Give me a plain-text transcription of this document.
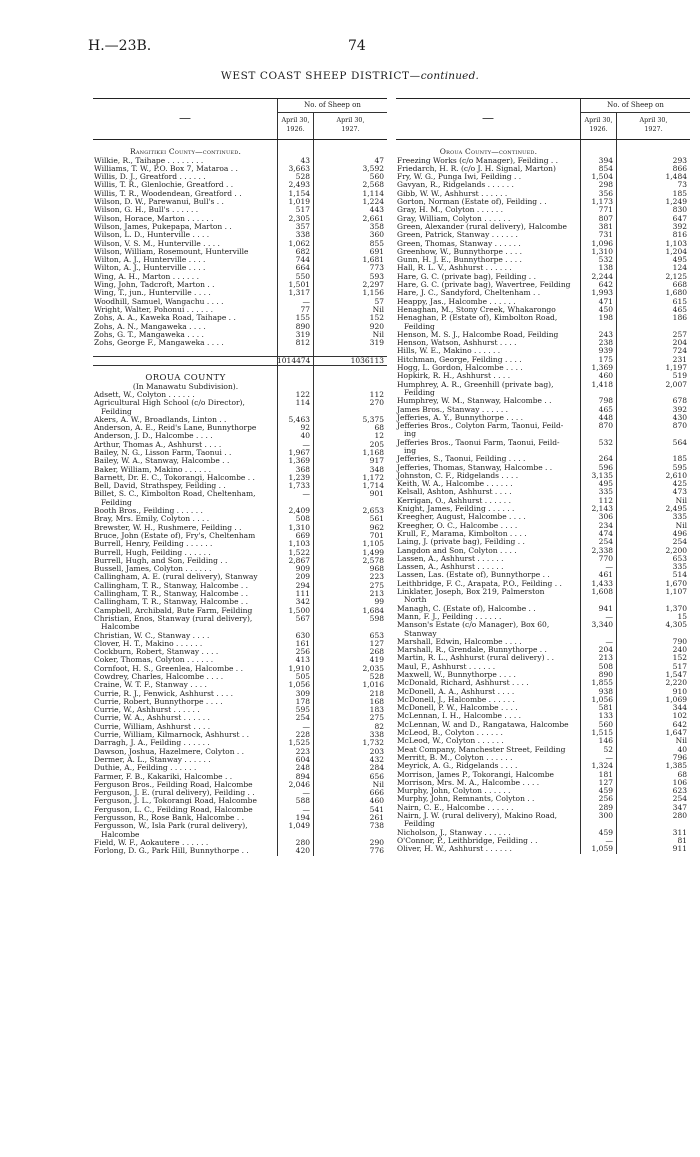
H.—23B.	74
WEST COAST SHEEP DISTRICT—continued.
—
No. of Sheep on
April 30,
1926.
April 30,
1927.
Rangitikei County—continued.
Wilkie, R., Taihape . . . . . . . .	43	47
Williams, T. W., P.O. Box 7, Mataroa . .	3,663	3,592
Willis, D. J., Greatford . . . . . .	528	560
Willis, T. R., Glenlochie, Greatford . .	2,493	2,568
Willis, T. R., Woodendean, Greatford . .	1,154	1,114
Wilson, D. W., Parewanui, Bull's . .	1,019	1,224
Wilson, G. H., Bull's . . . . . .	517	443
Wilson, Horace, Marton . . . . . .	2,305	2,661
Wilson, James, Pukepapa, Marton . .	357	358
Wilson, L. D., Hunterville . . . .	338	360
Wilson, V. S. M., Hunterville . . . .	1,062	855
Wilson, William, Rosemount, Hunterville	682	691
Wilton, A. J., Hunterville . . . .	744	1,681
Wilton, A. J., Hunterville . . . .	664	773
Wing, A. H., Marton . . . . . .	550	593
Wing, John, Tadcroft, Marton . .	1,501	2,297
Wing, T., jun., Hunterville . . . .	1,317	1,156
Woodhill, Samuel, Wangachu . . . .	—	57
Wright, Walter, Pohonui . . . . . .	77	Nil
Zohs, A. A., Kaweka Road, Taihape . .	155	152
Zohs, A. N., Mangaweka . . . .	890	920
Zohs, G. T., Mangaweka . . . .	319	Nil
Zohs, George F., Mangaweka . . . .	812	319
1014474	1036113
OROUA COUNTY
(In Manawatu Subdivision).
Adsett, W., Colyton . . . . . .	122	112
Agricultural High School (c/o Director),	114	270
Feilding
Akers, A. W., Broadlands, Linton . .	5,463	5,375
Anderson, A. E., Reid's Lane, Bunnythorpe	92	68
Anderson, J. D., Halcombe . . . .	40	12
Arthur, Thomas A., Ashhurst . . . .	—	205
Bailey, N. G., Lisson Farm, Taonui . .	1,967	1,168
Bailey, W. A., Stanway, Halcombe . .	1,369	917
Baker, William, Makino . . . . . .	368	348
Barnett, Dr. E. C., Tokorangi, Halcombe . .	1,239	1,172
Bell, David, Strathspey, Feilding . .	1,733	1,714
Billet, S. C., Kimbolton Road, Cheltenham,	—	901
Feilding
Booth Bros., Feilding . . . . . .	2,409	2,653
Bray, Mrs. Emily, Colyton . . . .	508	561
Brewster, W. H., Rushmere, Feilding . .	1,310	962
Bruce, John (Estate of), Fry's, Cheltenham	669	701
Burrell, Henry, Feilding . . . . . .	1,103	1,105
Burrell, Hugh, Feilding . . . . . .	1,522	1,499
Burrell, Hugh, and Son, Feilding . .	2,867	2,578
Bussell, James, Colyton . . . . . .	909	968
Callingham, A. E. (rural delivery), Stanway	209	223
Callingham, T. R., Stanway, Halcombe . .	294	275
Callingham, T. R., Stanway, Halcombe . .	111	213
Callingham, T. R., Stanway, Halcombe . .	342	99
Campbell, Archibald, Bute Farm, Feilding	1,500	1,684
Christian, Enos, Stanway (rural delivery),	567	598
Halcombe
Christian, W. C., Stanway . . . .	630	653
Clover, H. T., Makino . . . . . .	161	127
Cockburn, Robert, Stanway . . . .	256	268
Coker, Thomas, Colyton . . . . . .	413	419
Cornfoot, H. S., Greenlea, Halcombe . .	1,910	2,035
Cowdrey, Charles, Halcombe . . . .	505	528
Craine, W. T. F., Stanway . . . .	1,056	1,016
Currie, R. J., Fenwick, Ashhurst . . . .	309	218
Currie, Robert, Bunnythorpe . . . .	178	168
Currie, W., Ashhurst . . . . . .	595	183
Currie, W. A., Ashhurst . . . . . .	254	275
Currie, William, Ashhurst . . . .	—	82
Currie, William, Kilmarnock, Ashhurst . .	228	338
Darragh, J. A., Feilding . . . . . .	1,525	1,732
Dawson, Joshua, Hazelmere, Colyton . .	223	203
Dermer, A. L., Stanway . . . . . .	604	432
Duthie, A., Feilding . . . . . .	248	284
Farmer, F. B., Kakariki, Halcombe . .	894	656
Ferguson Bros., Feilding Road, Halcombe	2,046	Nil
Ferguson, J. E. (rural delivery), Feilding . .	—	666
Ferguson, J. L., Tokorangi Road, Halcombe	588	460
Ferguson, L. C., Feilding Road, Halcombe	—	541
Fergusson, R., Rose Bank, Halcombe . .	194	261
Fergusson, W., Isla Park (rural delivery),	1,049	738
Halcombe
Field, W. F., Aokautere . . . . . .	280	290
Forlong, D. G., Park Hill, Bunnythorpe . .	420	776
—
No. of Sheep on
April 30,
1926.
April 30,
1927.
Oroua County—continued.
Freezing Works (c/o Manager), Feilding . .	394	293
Friedarch, H. R. (c/o J. H. Signal, Marton)	854	866
Fry, W. G., Punga Iwi, Feilding . .	1,504	1,484
Gavyan, R., Ridgelands . . . . . .	298	73
Gibb, W. W., Ashhurst . . . . . .	356	185
Gorton, Norman (Estate of), Feilding . .	1,173	1,249
Gray, H. M., Colyton . . . . . .	771	830
Gray, William, Colyton . . . . . .	807	647
Green, Alexander (rural delivery), Halcombe	381	392
Green, Patrick, Stanway . . . . . .	731	816
Green, Thomas, Stanway . . . . . .	1,096	1,103
Greenhow, W., Bunnythorpe . . . .	1,310	1,204
Gunn, H. J. E., Bunnythorpe . . . .	532	495
Hall, R. L. V., Ashhurst . . . . . .	138	124
Hare, G. C. (private bag), Feilding . .	2,244	2,125
Hare, G. C. (private bag), Wavertree, Feilding	642	668
Hare, J. C., Sandyford, Cheltenham . .	1,993	1,680
Heappy, Jas., Halcombe . . . . . .	471	615
Henaghan, M., Stony Creek, Whakarongo	450	465
Henaghan, P. (Estate of), Kimbolton Road,	198	186
Feilding
Henson, M. S. J., Halcombe Road, Feilding	243	257
Henson, Watson, Ashhurst . . . .	238	204
Hills, W. E., Makino . . . . . .	939	724
Hitchman, George, Feilding . . . .	175	231
Hogg, L. Gordon, Halcombe . . . .	1,369	1,197
Hopkirk, R. H., Ashhurst . . . .	460	519
Humphrey, A. R., Greenhill (private bag),	1,418	2,007
Feilding
Humphrey, W. M., Stanway, Halcombe . .	798	678
James Bros., Stanway . . . . . .	465	392
Jefferies, A. Y., Bunnythorpe . . . .	448	430
Jefferies Bros., Colyton Farm, Taonui, Feild-	870	870
ing
Jefferies Bros., Taonui Farm, Taonui, Feild-	532	564
ing
Jefferies, S., Taonui, Feilding . . . .	264	185
Jefferies, Thomas, Stanway, Halcombe . .	596	595
Johnston, C. F., Ridgelands . . . .	3,135	2,610
Keith, W. A., Halcombe . . . . . .	495	425
Kelsall, Ashton, Ashhurst . . . .	335	473
Kerrigan, O., Ashhurst . . . . . .	112	Nil
Knight, James, Feilding . . . . . .	2,143	2,495
Kreegher, August, Halcombe . . . .	306	335
Kreegher, O. C., Halcombe . . . .	234	Nil
Krull, F., Marama, Kimbolton . . . .	474	496
Laing, J. (private bag), Feilding . .	254	254
Langdon and Son, Colyton . . . .	2,338	2,200
Lassen, A., Ashhurst . . . . . .	770	653
Lassen, A., Ashhurst . . . . . .	—	335
Lassen, Las. (Estate of), Bunnythorpe . .	461	514
Leithbridge, F. C., Arapata, P.O., Feilding . .	1,433	1,670
Linklater, Joseph, Box 219, Palmerston	1,608	1,107
North
Managh, C. (Estate of), Halcombe . .	941	1,370
Mann, F. J., Feilding . . . . . .	—	15
Manson's Estate (c/o Manager), Box 60,	3,340	4,305
Stanway
Marshall, Edwin, Halcombe . . . .	—	790
Marshall, R., Grendale, Bunnythorpe . .	204	240
Martin, R. L., Ashhurst (rural delivery) . .	213	152
Maul, F., Ashhurst . . . . . .	508	517
Maxwell, W., Bunnythorpe . . . .	890	1,547
McDonald, Richard, Ashhurst . . . .	1,855	2,220
McDonell, A. A., Ashhurst . . . .	938	910
McDonell, J., Halcombe . . . . . .	1,056	1,069
McDonell, P. W., Halcombe . . . .	581	344
McLennan, I. H., Halcombe . . . .	133	102
McLennan, W. and D., Rangatawa, Halcombe	560	642
McLeod, B., Colyton . . . . . .	1,515	1,647
McLeod, W., Colyton . . . . . .	146	Nil
Meat Company, Manchester Street, Feilding	52	40
Merritt, B. M., Colyton . . . . . .	—	796
Meyrick, A. G., Ridgelands . . . .	1,324	1,385
Morrison, James P., Tokorangi, Halcombe	181	68
Morrison, Mrs. M. A., Halcombe . . . .	127	106
Murphy, John, Colyton . . . . . .	459	623
Murphy, John, Remnants, Colyton . .	256	254
Nairn, C. E., Halcombe . . . . . .	289	347
Nairn, J. W. (rural delivery), Makino Road,	300	280
Feilding
Nicholson, J., Stanway . . . . . .	459	311
O'Connor, P., Leithbridge, Feilding . .	—	81
Oliver, H. W., Ashhurst . . . . . .	1,059	911
